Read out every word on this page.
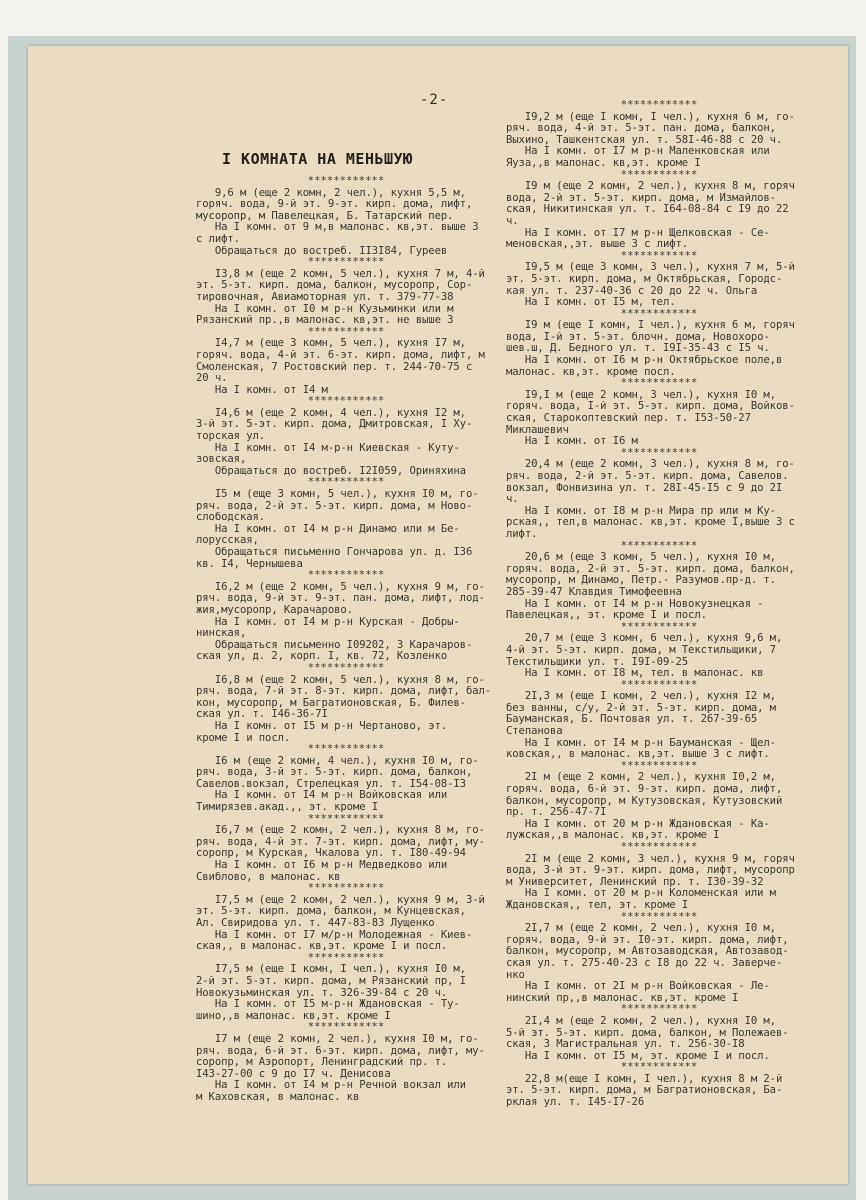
-2-
I КОМНАТА НА МЕНЬШУЮ
************
9,6 м (еще 2 комн, 2 чел.), кухня 5,5 м,
горяч. вода, 9-й эт. 9-эт. кирп. дома, лифт,
мусоропр, м Павелецкая, Б. Татарский пер.
На I комн. от 9 м,в малонас. кв,эт. выше 3
с лифт.
Обращаться до востреб. II3I84, Гуреев
************
I3,8 м (еще 2 комн, 5 чел.), кухня 7 м, 4-й
эт. 5-эт. кирп. дома, балкон, мусоропр, Сор-
тировочная, Авиамоторная ул. т. 379-77-38
На I комн. от I0 м р-н Кузьминки или м
Рязанский пр.,в малонас. кв,эт. не выше 3
************
I4,7 м (еще 3 комн, 5 чел.), кухня I7 м,
горяч. вода, 4-й эт. 6-эт. кирп. дома, лифт, м
Смоленская, 7 Ростовский пер. т. 244-70-75 с
20 ч.
На I комн. от I4 м
************
I4,6 м (еще 2 комн, 4 чел.), кухня I2 м,
3-й эт. 5-эт. кирп. дома, Дмитровская, I Ху-
торская ул.
На I комн. от I4 м-р-н Киевская - Куту-
зовская,
Обращаться до востреб. I2I059, Ориняхина
************
I5 м (еще 3 комн, 5 чел.), кухня I0 м, го-
ряч. вода, 2-й эт. 5-эт. кирп. дома, м Ново-
слободская.
На I комн. от I4 м р-н Динамо или м Бе-
лорусская,
Обращаться письменно Гончарова ул. д. I36
кв. I4, Чернышева
************
I6,2 м (еще 2 комн, 5 чел.), кухня 9 м, го-
ряч. вода, 9-й эт. 9-эт. пан. дома, лифт, лод-
жия,мусоропр, Карачарово.
На I комн. от I4 м р-н Курская - Добры-
нинская,
Обращаться письменно I09202, 3 Карачаров-
ская ул, д. 2, корп. I, кв. 72, Козленко
************
I6,8 м (еще 2 комн, 5 чел.), кухня 8 м, го-
ряч. вода, 7-й эт. 8-эт. кирп. дома, лифт, бал-
кон, мусоропр, м Багратионовская, Б. Филев-
ская ул. т. I46-36-7I
На I комн. от I5 м р-н Чертаново, эт.
кроме I и посл.
************
I6 м (еще 2 комн, 4 чел.), кухня I0 м, го-
ряч. вода, 3-й эт. 5-эт. кирп. дома, балкон,
Савелов.вокзал, Стрелецкая ул. т. I54-08-I3
На I комн. от I4 м р-н Войковская или
Тимирязев.акад.,, эт. кроме I
************
I6,7 м (еще 2 комн, 2 чел.), кухня 8 м, го-
ряч. вода, 4-й эт. 7-эт. кирп. дома, лифт, му-
соропр, м Курская, Чкалова ул. т. I80-49-94
На I комн. от I6 м р-н Медведково или
Свиблово, в малонас. кв
************
I7,5 м (еще 2 комн, 2 чел.), кухня 9 м, 3-й
эт. 5-эт. кирп. дома, балкон, м Кунцевская,
Ал. Свиридова ул. т. 447-83-83 Лущенко
На I комн. от I7 м/р-н Молодежная - Киев-
ская,, в малонас. кв,эт. кроме I и посл.
************
I7,5 м (еще I комн, I чел.), кухня I0 м,
2-й эт. 5-эт. кирп. дома, м Рязанский пр, I
Новокузьминская ул. т. 326-39-84 с 20 ч.
На I комн. от I5 м-р-н Ждановская - Ту-
шино,,в малонас. кв,эт. кроме I
************
I7 м (еще 2 комн, 2 чел.), кухня I0 м, го-
ряч. вода, 6-й эт. 6-эт. кирп. дома, лифт, му-
соропр, м Аэропорт, Ленинградский пр. т.
I43-27-00 с 9 до I7 ч. Денисова
На I комн. от I4 м р-н Речной вокзал или
м Каховская, в малонас. кв
************
I9,2 м (еще I комн, I чел.), кухня 6 м, го-
ряч. вода, 4-й эт. 5-эт. пан. дома, балкон,
Выхино, Ташкентская ул. т. 58I-46-88 с 20 ч.
На I комн. от I7 м р-н Маленковская или
Яуза,,в малонас. кв,эт. кроме I
************
I9 м (еще 2 комн, 2 чел.), кухня 8 м, горяч
вода, 2-й эт. 5-эт. кирп. дома, м Измайлов-
ская, Никитинская ул. т. I64-08-84 с I9 до 22
ч.
На I комн. от I7 м р-н Щелковская - Се-
меновская,,эт. выше 3 с лифт.
************
I9,5 м (еще 3 комн, 3 чел.), кухня 7 м, 5-й
эт. 5-эт. кирп. дома, м Октябрьская, Городс-
кая ул. т. 237-40-36 с 20 до 22 ч. Ольга
На I комн. от I5 м, тел.
************
I9 м (еще I комн, I чел.), кухня 6 м, горяч
вода, I-й эт. 5-эт. блочн. дома, Новохоро-
шев.ш, Д. Бедного ул. т. I9I-35-43 с I5 ч.
На I комн. от I6 м р-н Октябрьское поле,в
малонас. кв,эт. кроме посл.
************
I9,I м (еще 2 комн, 3 чел.), кухня I0 м,
горяч. вода, I-й эт. 5-эт. кирп. дома, Войков-
ская, Старокоптевский пер. т. I53-50-27
Миклашевич
На I комн. от I6 м
************
20,4 м (еще 2 комн, 3 чел.), кухня 8 м, го-
ряч. вода, 2-й эт. 5-эт. кирп. дома, Савелов.
вокзал, Фонвизина ул. т. 28I-45-I5 с 9 до 2I
ч.
На I комн. от I8 м р-н Мира пр или м Ку-
рская,, тел,в малонас. кв,эт. кроме I,выше 3 с
лифт.
************
20,6 м (еще 3 комн, 5 чел.), кухня I0 м,
горяч. вода, 2-й эт. 5-эт. кирп. дома, балкон,
мусоропр, м Динамо, Петр.- Разумов.пр-д. т.
285-39-47 Клавдия Тимофеевна
На I комн. от I4 м р-н Новокузнецкая -
Павелецкая,, эт. кроме I и посл.
************
20,7 м (еще 3 комн, 6 чел.), кухня 9,6 м,
4-й эт. 5-эт. кирп. дома, м Текстильщики, 7
Текстильщики ул. т. I9I-09-25
На I комн. от I8 м, тел. в малонас. кв
************
2I,3 м (еще I комн, 2 чел.), кухня I2 м,
без ванны, с/у, 2-й эт. 5-эт. кирп. дома, м
Бауманская, Б. Почтовая ул. т. 267-39-65
Степанова
На I комн. от I4 м р-н Бауманская - Щел-
ковская,, в малонас. кв,эт. выше 3 с лифт.
************
2I м (еще 2 комн, 2 чел.), кухня I0,2 м,
горяч. вода, 6-й эт. 9-эт. кирп. дома, лифт,
балкон, мусоропр, м Кутузовская, Кутузовский
пр. т. 256-47-7I
На I комн. от 20 м р-н Ждановская - Ка-
лужская,,в малонас. кв,эт. кроме I
************
2I м (еще 2 комн, 3 чел.), кухня 9 м, горяч
вода, 3-й эт. 9-эт. кирп. дома, лифт, мусоропр
м Университет, Ленинский пр. т. I30-39-32
На I комн. от 20 м р-н Коломенская или м
Ждановская,, тел, эт. кроме I
************
2I,7 м (еще 2 комн, 2 чел.), кухня I0 м,
горяч. вода, 9-й эт. I0-эт. кирп. дома, лифт,
балкон, мусоропр, м Автозаводская, Автозавод-
ская ул. т. 275-40-23 с I8 до 22 ч. Заверче-
нко
На I комн. от 2I м р-н Войковская - Ле-
нинский пр,,в малонас. кв,эт. кроме I
************
2I,4 м (еще 2 комн, 2 чел.), кухня I0 м,
5-й эт. 5-эт. кирп. дома, балкон, м Полежаев-
ская, 3 Магистральная ул. т. 256-30-I8
На I комн. от I5 м, эт. кроме I и посл.
************
22,8 м(еще I комн, I чел.), кухня 8 м 2-й
эт. 5-эт. кирп. дома, м Багратионовская, Ба-
рклая ул. т. I45-I7-26
